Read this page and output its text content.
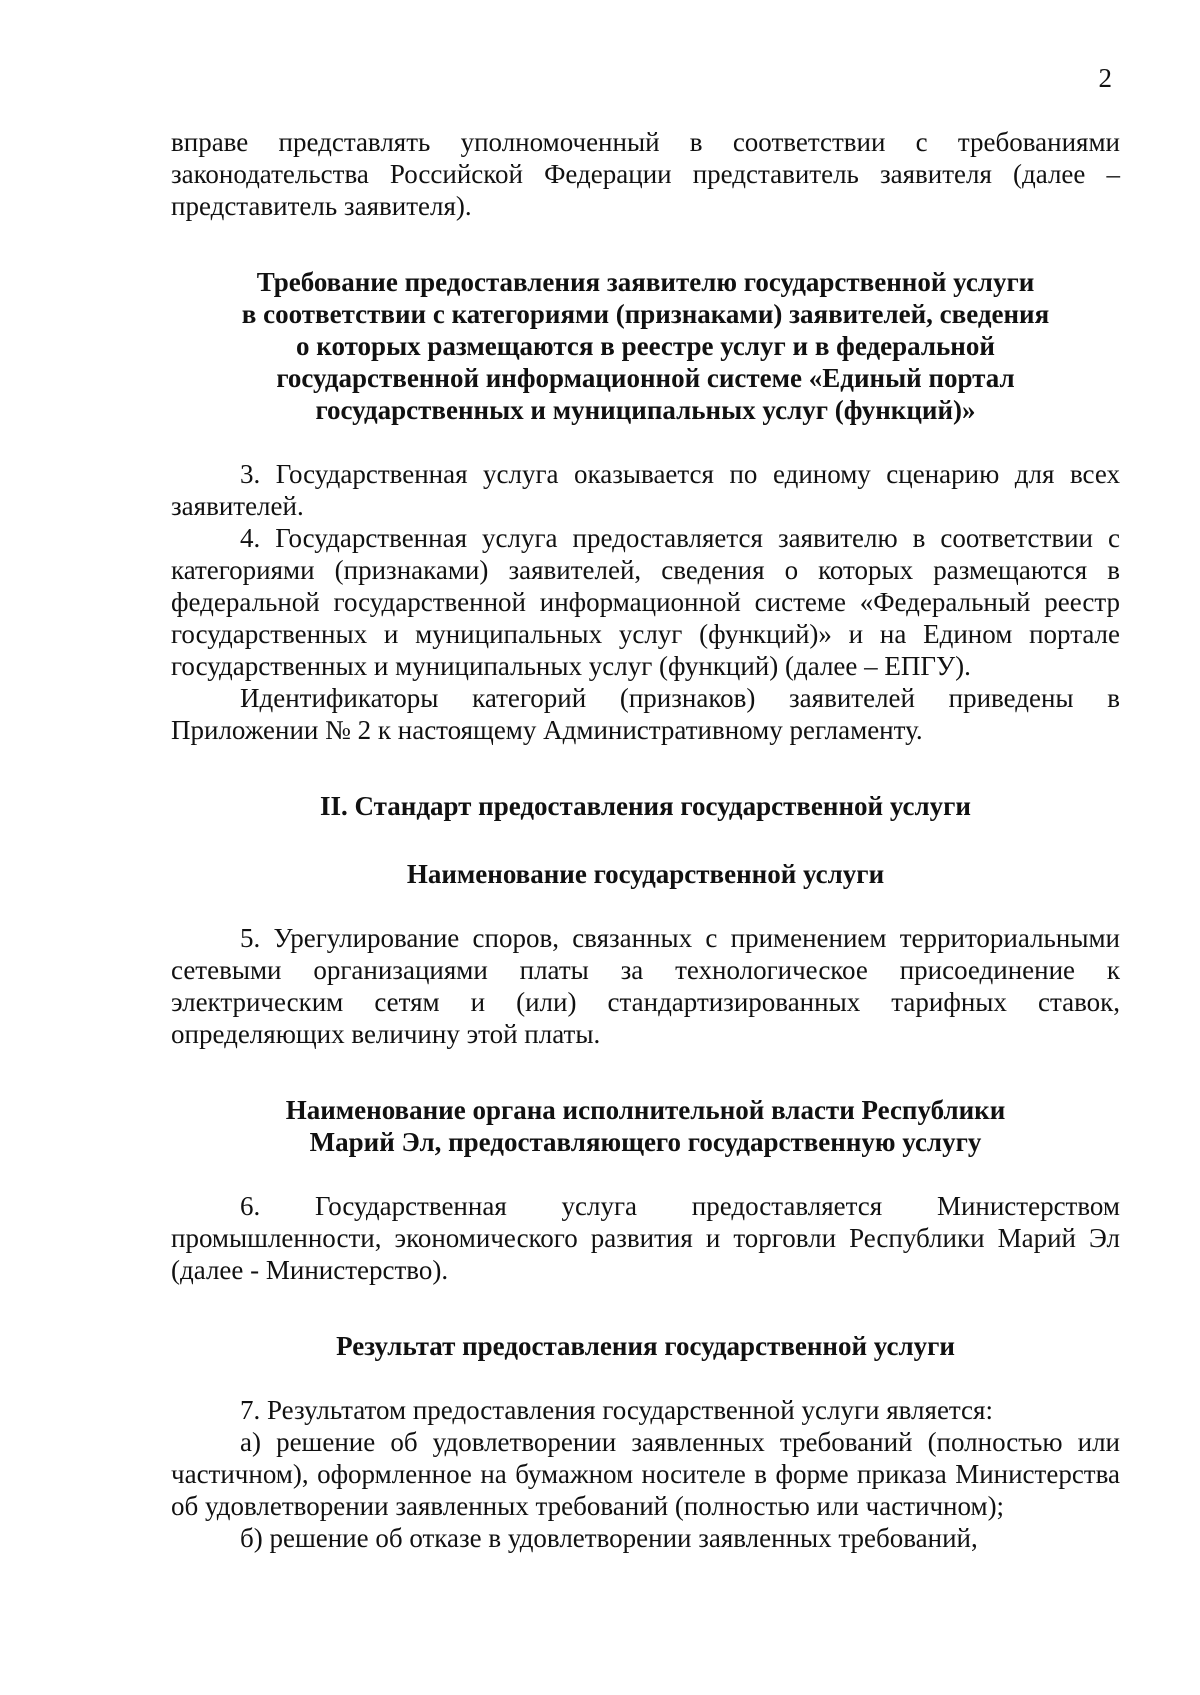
2

вправе представлять уполномоченный в соответствии с требованиями законодательства Российской Федерации представитель заявителя (далее – представитель заявителя).

Требование предоставления заявителю государственной услуги

в соответствии с категориями (признаками) заявителей, сведения

о которых размещаются в реестре услуг и в федеральной

государственной информационной системе «Единый портал

государственных и муниципальных услуг (функций)»

3. Государственная услуга оказывается по единому сценарию для всех заявителей.

4. Государственная услуга предоставляется заявителю в соответствии с категориями (признаками) заявителей, сведения о которых размещаются в федеральной государственной информационной системе «Федеральный реестр государственных и муниципальных услуг (функций)» и на Едином портале государственных и муниципальных услуг (функций) (далее – ЕПГУ).

Идентификаторы категорий (признаков) заявителей приведены в Приложении № 2 к настоящему Административному регламенту.

II. Стандарт предоставления государственной услуги

Наименование государственной услуги

5. Урегулирование споров, связанных с применением территориальными сетевыми организациями платы за технологическое присоединение к электрическим сетям и (или) стандартизированных тарифных ставок, определяющих величину этой платы.

Наименование органа исполнительной власти Республики

Марий Эл, предоставляющего государственную услугу

6. Государственная услуга предоставляется Министерством промышленности, экономического развития и торговли Республики Марий Эл (далее - Министерство).

Результат предоставления государственной услуги

7. Результатом предоставления государственной услуги является:

а) решение об удовлетворении заявленных требований (полностью или частичном), оформленное на бумажном носителе в форме приказа Министерства об удовлетворении заявленных требований (полностью или частичном);

б) решение об отказе в удовлетворении заявленных требований,
